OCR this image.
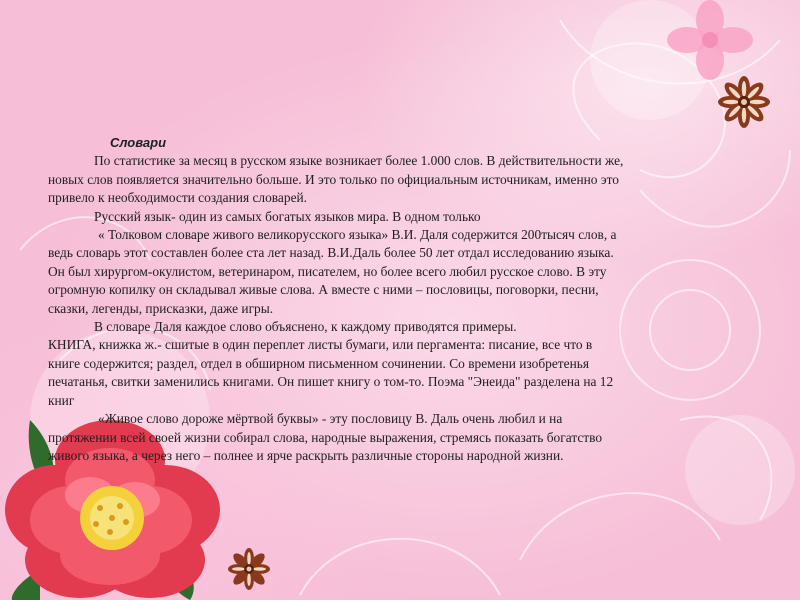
Словари
По статистике за месяц в русском языке возникает более 1.000 слов. В действительности же,
новых слов появляется значительно больше. И это только по официальным источникам, именно это
привело к необходимости создания словарей.
Русский язык- один из самых богатых языков мира. В одном только
« Толковом словаре живого великорусского языка» В.И. Даля содержится 200тысяч слов, а
ведь словарь этот составлен более ста лет назад. В.И.Даль более 50 лет отдал исследованию языка.
Он был хирургом-окулистом, ветеринаром, писателем, но более всего любил русское слово. В эту
огромную копилку он складывал живые слова. А вместе с ними – пословицы, поговорки, песни,
сказки, легенды, присказки, даже игры.
В словаре Даля каждое слово объяснено, к каждому приводятся примеры.
КНИГА, книжка ж.- сшитые в один переплет листы бумаги, или пергамента: писание, все что в
книге содержится; раздел, отдел в обширном письменном сочинении. Со времени изобретенья
печатанья, свитки заменились книгами. Он пишет книгу о том-то. Поэма "Энеида" разделена на 12
книг
«Живое слово дороже мёртвой буквы» - эту пословицу В. Даль очень любил и на
протяжении всей своей жизни собирал слова, народные выражения, стремясь показать богатство
живого языка, а через него – полнее и ярче раскрыть различные стороны народной жизни.
